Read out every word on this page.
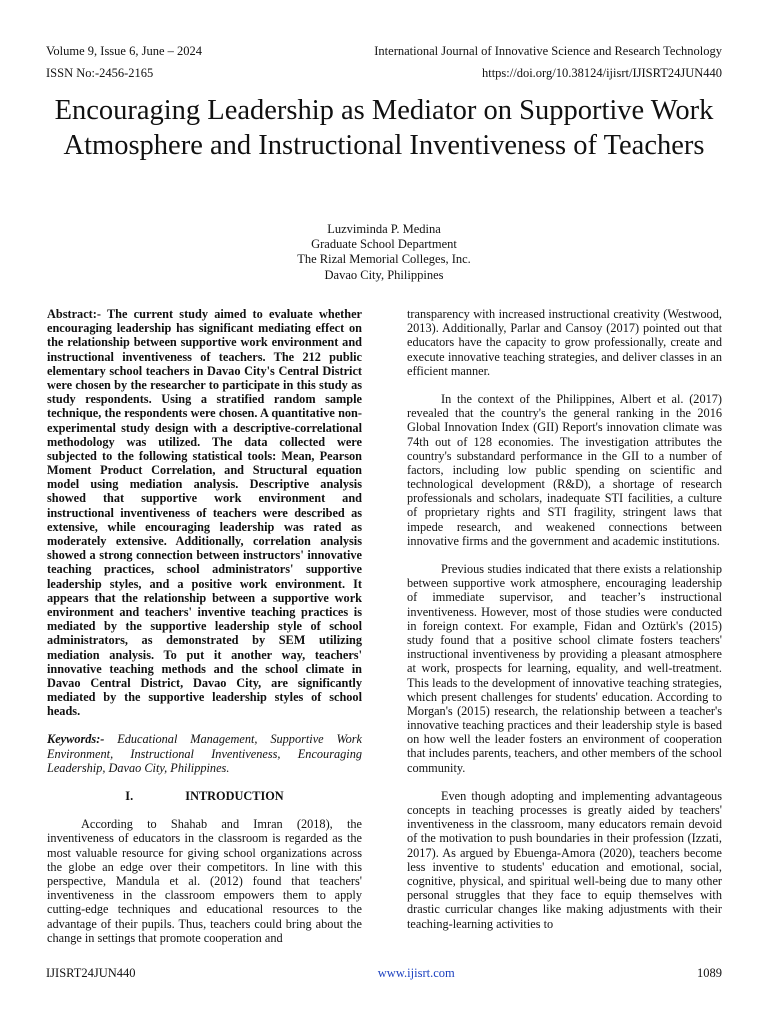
Volume 9, Issue 6, June – 2024	International Journal of Innovative Science and Research Technology
ISSN No:-2456-2165	https://doi.org/10.38124/ijisrt/IJISRT24JUN440
Encouraging Leadership as Mediator on Supportive Work Atmosphere and Instructional Inventiveness of Teachers
Luzviminda P. Medina
Graduate School Department
The Rizal Memorial Colleges, Inc.
Davao City, Philippines

Abstract:- The current study aimed to evaluate whether encouraging leadership has significant mediating effect on the relationship between supportive work environment and instructional inventiveness of teachers. The 212 public elementary school teachers in Davao City's Central District were chosen by the researcher to participate in this study as study respondents. Using a stratified random sample technique, the respondents were chosen. A quantitative non-experimental study design with a descriptive-correlational methodology was utilized. The data collected were subjected to the following statistical tools: Mean, Pearson Moment Product Correlation, and Structural equation model using mediation analysis. Descriptive analysis showed that supportive work environment and instructional inventiveness of teachers were described as extensive, while encouraging leadership was rated as moderately extensive. Additionally, correlation analysis showed a strong connection between instructors' innovative teaching practices, school administrators' supportive leadership styles, and a positive work environment. It appears that the relationship between a supportive work environment and teachers' inventive teaching practices is mediated by the supportive leadership style of school administrators, as demonstrated by SEM utilizing mediation analysis. To put it another way, teachers' innovative teaching methods and the school climate in Davao Central District, Davao City, are significantly mediated by the supportive leadership styles of school heads.

Keywords:- Educational Management, Supportive Work Environment, Instructional Inventiveness, Encouraging Leadership, Davao City, Philippines.

I.	INTRODUCTION

According to Shahab and Imran (2018), the inventiveness of educators in the classroom is regarded as the most valuable resource for giving school organizations across the globe an edge over their competitors. In line with this perspective, Mandula et al. (2012) found that teachers' inventiveness in the classroom empowers them to apply cutting-edge techniques and educational resources to the advantage of their pupils. Thus, teachers could bring about the change in settings that promote cooperation and

transparency with increased instructional creativity (Westwood, 2013). Additionally, Parlar and Cansoy (2017) pointed out that educators have the capacity to grow professionally, create and execute innovative teaching strategies, and deliver classes in an efficient manner.

In the context of the Philippines, Albert et al. (2017) revealed that the country's the general ranking in the 2016 Global Innovation Index (GII) Report's innovation climate was 74th out of 128 economies. The investigation attributes the country's substandard performance in the GII to a number of factors, including low public spending on scientific and technological development (R&D), a shortage of research professionals and scholars, inadequate STI facilities, a culture of proprietary rights and STI fragility, stringent laws that impede research, and weakened connections between innovative firms and the government and academic institutions.

Previous studies indicated that there exists a relationship between supportive work atmosphere, encouraging leadership of immediate supervisor, and teacher’s instructional inventiveness. However, most of those studies were conducted in foreign context. For example, Fidan and Oztürk's (2015) study found that a positive school climate fosters teachers' instructional inventiveness by providing a pleasant atmosphere at work, prospects for learning, equality, and well-treatment. This leads to the development of innovative teaching strategies, which present challenges for students' education. According to Morgan's (2015) research, the relationship between a teacher's innovative teaching practices and their leadership style is based on how well the leader fosters an environment of cooperation that includes parents, teachers, and other members of the school community.

Even though adopting and implementing advantageous concepts in teaching processes is greatly aided by teachers' inventiveness in the classroom, many educators remain devoid of the motivation to push boundaries in their profession (Izzati, 2017). As argued by Ebuenga-Amora (2020), teachers become less inventive to students' education and emotional, social, cognitive, physical, and spiritual well-being due to many other personal struggles that they face to equip themselves with drastic curricular changes like making adjustments with their teaching-learning activities to

IJISRT24JUN440	www.ijisrt.com	1089
